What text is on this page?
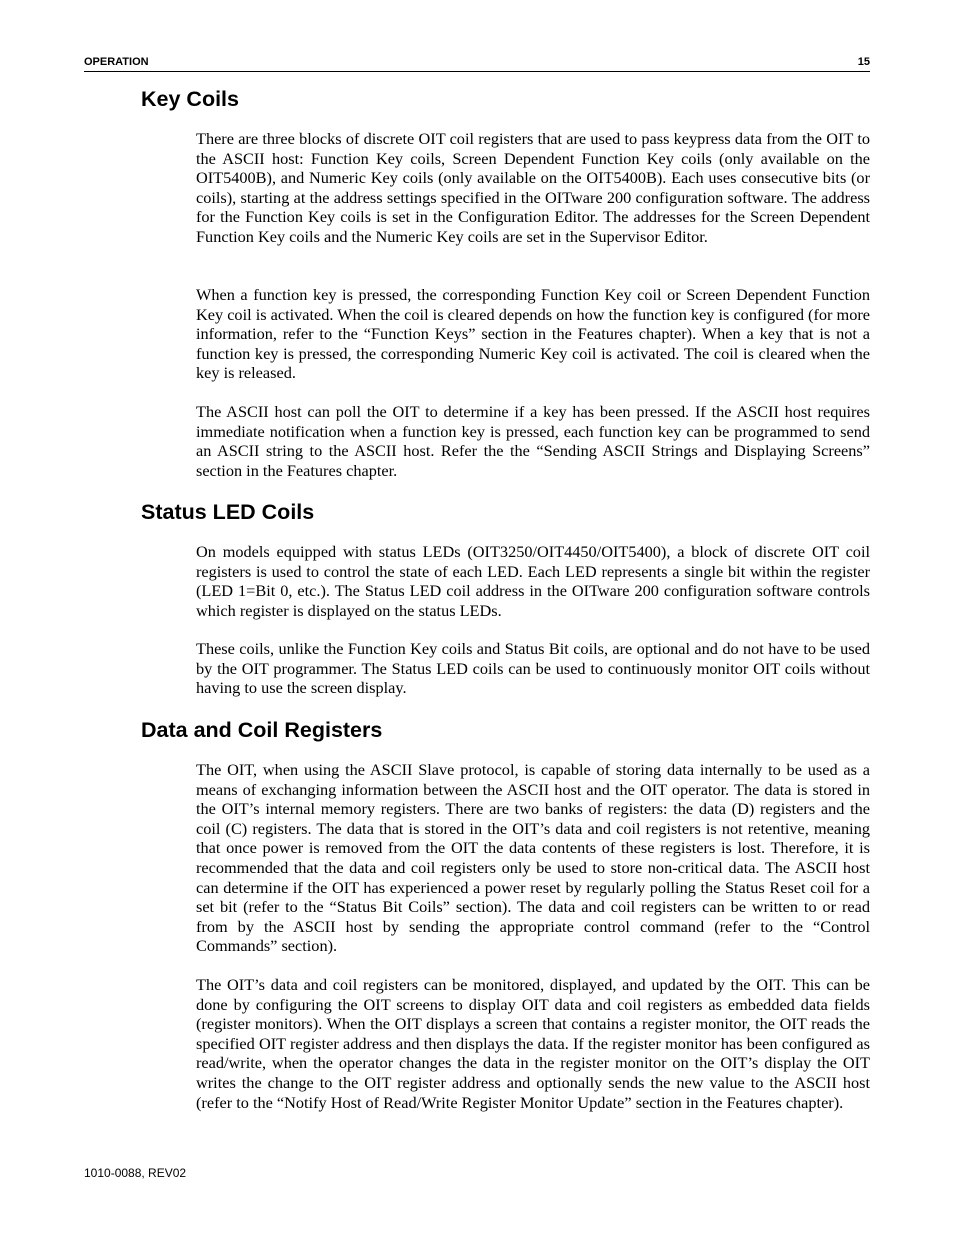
OPERATION	15
Key Coils

There are three blocks of discrete OIT coil registers that are used to pass keypress data from the OIT to the ASCII host: Function Key coils, Screen Dependent Function Key coils (only available on the OIT5400B), and Numeric Key coils (only available on the OIT5400B). Each uses consecutive bits (or coils), starting at the address settings specified in the OITware 200 configuration software. The address for the Function Key coils is set in the Configuration Editor. The addresses for the Screen Dependent Function Key coils and the Numeric Key coils are set in the Supervisor Editor.

When a function key is pressed, the corresponding Function Key coil or Screen Dependent Function Key coil is activated. When the coil is cleared depends on how the function key is configured (for more information, refer to the “Function Keys” section in the Features chapter). When a key that is not a function key is pressed, the corresponding Numeric Key coil is activated. The coil is cleared when the key is released.

The ASCII host can poll the OIT to determine if a key has been pressed. If the ASCII host requires immediate notification when a function key is pressed, each function key can be programmed to send an ASCII string to the ASCII host. Refer the the “Sending ASCII Strings and Displaying Screens” section in the Features chapter.

Status LED Coils

On models equipped with status LEDs (OIT3250/OIT4450/OIT5400), a block of discrete OIT coil registers is used to control the state of each LED. Each LED represents a single bit within the register (LED 1=Bit 0, etc.). The Status LED coil address in the OITware 200 configuration software controls which register is displayed on the status LEDs.

These coils, unlike the Function Key coils and Status Bit coils, are optional and do not have to be used by the OIT programmer. The Status LED coils can be used to continuously monitor OIT coils without having to use the screen display.

Data and Coil Registers

The OIT, when using the ASCII Slave protocol, is capable of storing data internally to be used as a means of exchanging information between the ASCII host and the OIT operator. The data is stored in the OIT’s internal memory registers. There are two banks of registers: the data (D) registers and the coil (C) registers. The data that is stored in the OIT’s data and coil registers is not retentive, meaning that once power is removed from the OIT the data contents of these registers is lost. Therefore, it is recommended that the data and coil registers only be used to store non-critical data. The ASCII host can determine if the OIT has experienced a power reset by regularly polling the Status Reset coil for a set bit (refer to the “Status Bit Coils” section). The data and coil registers can be written to or read from by the ASCII host by sending the appropriate control command (refer to the “Control Commands” section).

The OIT’s data and coil registers can be monitored, displayed, and updated by the OIT. This can be done by configuring the OIT screens to display OIT data and coil registers as embedded data fields (register monitors). When the OIT displays a screen that contains a register monitor, the OIT reads the specified OIT register address and then displays the data. If the register monitor has been configured as read/write, when the operator changes the data in the register monitor on the OIT’s display the OIT writes the change to the OIT register address and optionally sends the new value to the ASCII host (refer to the “Notify Host of Read/Write Register Monitor Update” section in the Features chapter).

1010-0088, REV02
